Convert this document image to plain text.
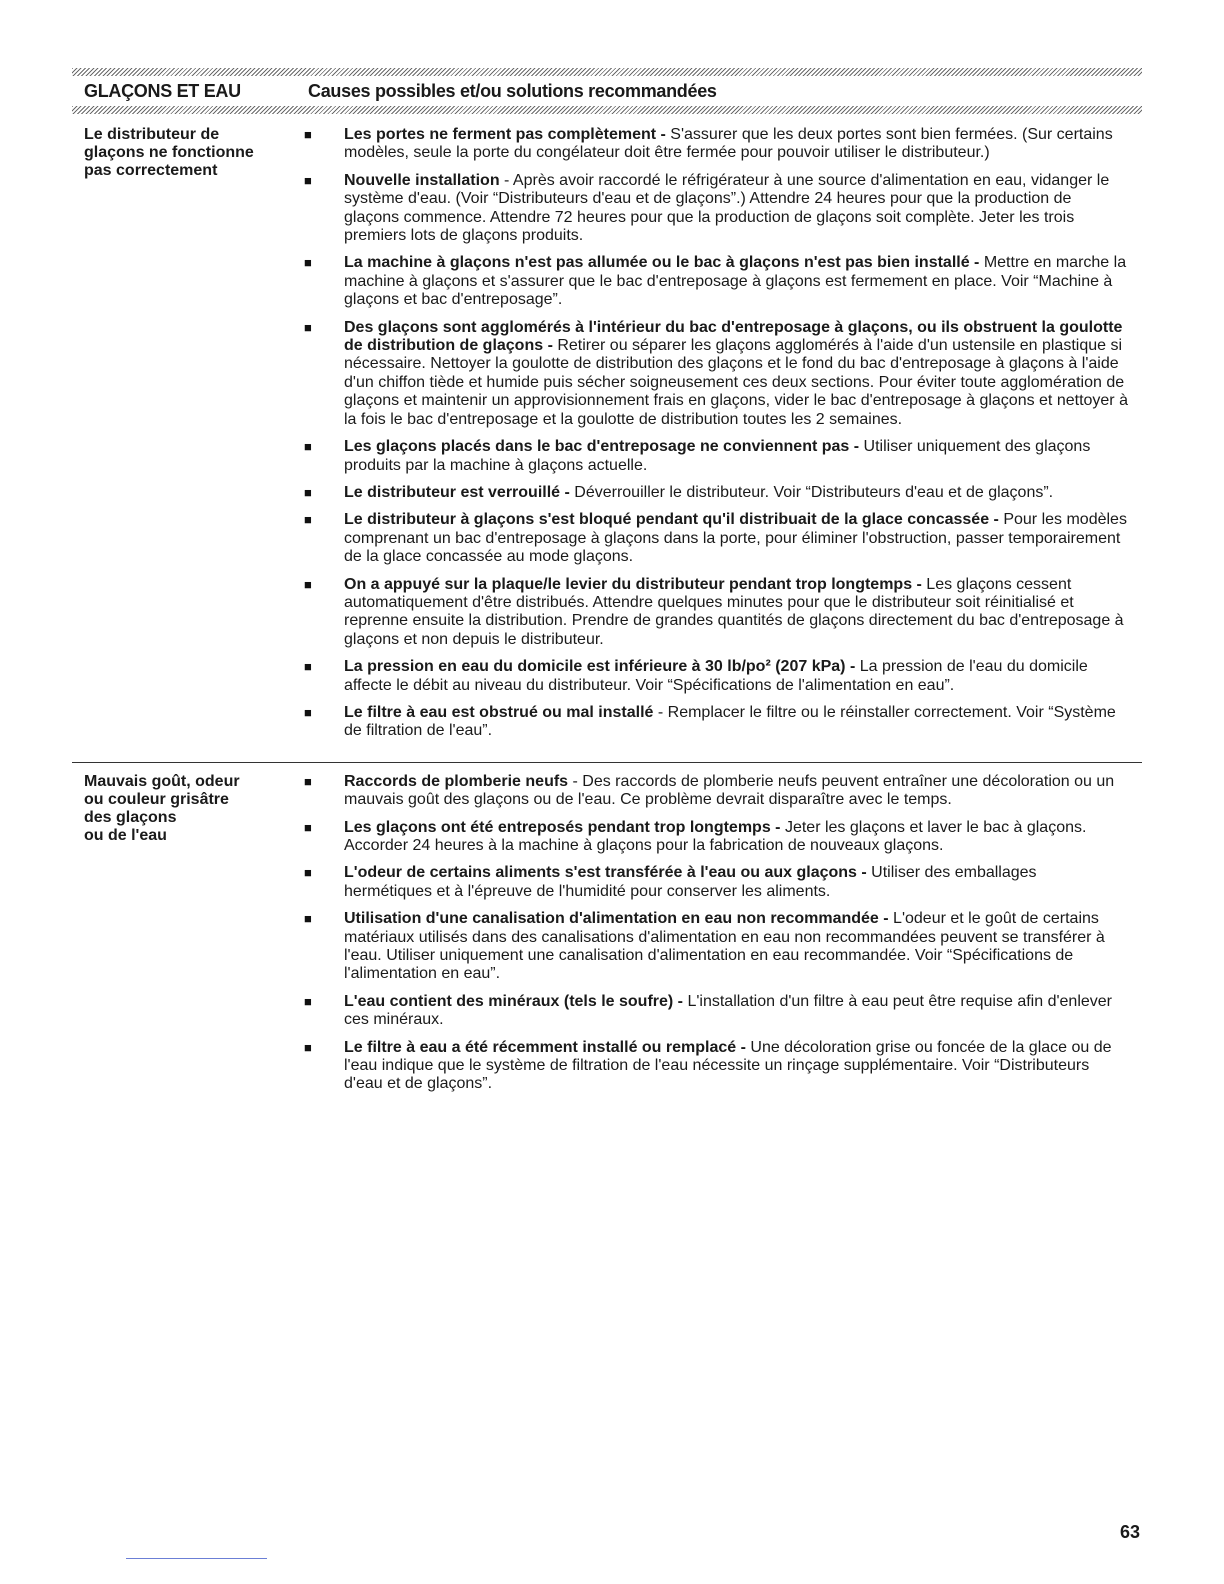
GLAÇONS ET EAU	Causes possibles et/ou solutions recommandées
Le distributeur de
glaçons ne fonctionne
pas correctement
■	Les portes ne ferment pas complètement - S'assurer que les deux portes sont bien fermées. (Sur certains modèles, seule la porte du congélateur doit être fermée pour pouvoir utiliser le distributeur.)
■	Nouvelle installation - Après avoir raccordé le réfrigérateur à une source d'alimentation en eau, vidanger le système d'eau. (Voir “Distributeurs d'eau et de glaçons”.) Attendre 24 heures pour que la production de glaçons commence. Attendre 72 heures pour que la production de glaçons soit complète. Jeter les trois premiers lots de glaçons produits.
■	La machine à glaçons n'est pas allumée ou le bac à glaçons n'est pas bien installé - Mettre en marche la machine à glaçons et s'assurer que le bac d'entreposage à glaçons est fermement en place. Voir “Machine à glaçons et bac d'entreposage”.
■	Des glaçons sont agglomérés à l'intérieur du bac d'entreposage à glaçons, ou ils obstruent la goulotte de distribution de glaçons - Retirer ou séparer les glaçons agglomérés à l'aide d'un ustensile en plastique si nécessaire. Nettoyer la goulotte de distribution des glaçons et le fond du bac d'entreposage à glaçons à l'aide d'un chiffon tiède et humide puis sécher soigneusement ces deux sections. Pour éviter toute agglomération de glaçons et maintenir un approvisionnement frais en glaçons, vider le bac d'entreposage à glaçons et nettoyer à la fois le bac d'entreposage et la goulotte de distribution toutes les 2 semaines.
■	Les glaçons placés dans le bac d'entreposage ne conviennent pas - Utiliser uniquement des glaçons produits par la machine à glaçons actuelle.
■	Le distributeur est verrouillé - Déverrouiller le distributeur. Voir “Distributeurs d'eau et de glaçons”.
■	Le distributeur à glaçons s'est bloqué pendant qu'il distribuait de la glace concassée - Pour les modèles comprenant un bac d'entreposage à glaçons dans la porte, pour éliminer l'obstruction, passer temporairement de la glace concassée au mode glaçons.
■	On a appuyé sur la plaque/le levier du distributeur pendant trop longtemps - Les glaçons cessent automatiquement d'être distribués. Attendre quelques minutes pour que le distributeur soit réinitialisé et reprenne ensuite la distribution. Prendre de grandes quantités de glaçons directement du bac d'entreposage à glaçons et non depuis le distributeur.
■	La pression en eau du domicile est inférieure à 30 lb/po² (207 kPa) - La pression de l'eau du domicile affecte le débit au niveau du distributeur. Voir “Spécifications de l'alimentation en eau”.
■	Le filtre à eau est obstrué ou mal installé - Remplacer le filtre ou le réinstaller correctement. Voir “Système de filtration de l'eau”.
Mauvais goût, odeur
ou couleur grisâtre
des glaçons
ou de l'eau
■	Raccords de plomberie neufs - Des raccords de plomberie neufs peuvent entraîner une décoloration ou un mauvais goût des glaçons ou de l'eau. Ce problème devrait disparaître avec le temps.
■	Les glaçons ont été entreposés pendant trop longtemps - Jeter les glaçons et laver le bac à glaçons. Accorder 24 heures à la machine à glaçons pour la fabrication de nouveaux glaçons.
■	L'odeur de certains aliments s'est transférée à l'eau ou aux glaçons - Utiliser des emballages hermétiques et à l'épreuve de l'humidité pour conserver les aliments.
■	Utilisation d'une canalisation d'alimentation en eau non recommandée - L'odeur et le goût de certains matériaux utilisés dans des canalisations d'alimentation en eau non recommandées peuvent se transférer à l'eau. Utiliser uniquement une canalisation d'alimentation en eau recommandée. Voir “Spécifications de l'alimentation en eau”.
■	L'eau contient des minéraux (tels le soufre) - L'installation d'un filtre à eau peut être requise afin d'enlever ces minéraux.
■	Le filtre à eau a été récemment installé ou remplacé - Une décoloration grise ou foncée de la glace ou de l'eau indique que le système de filtration de l'eau nécessite un rinçage supplémentaire. Voir “Distributeurs d'eau et de glaçons”.
63
